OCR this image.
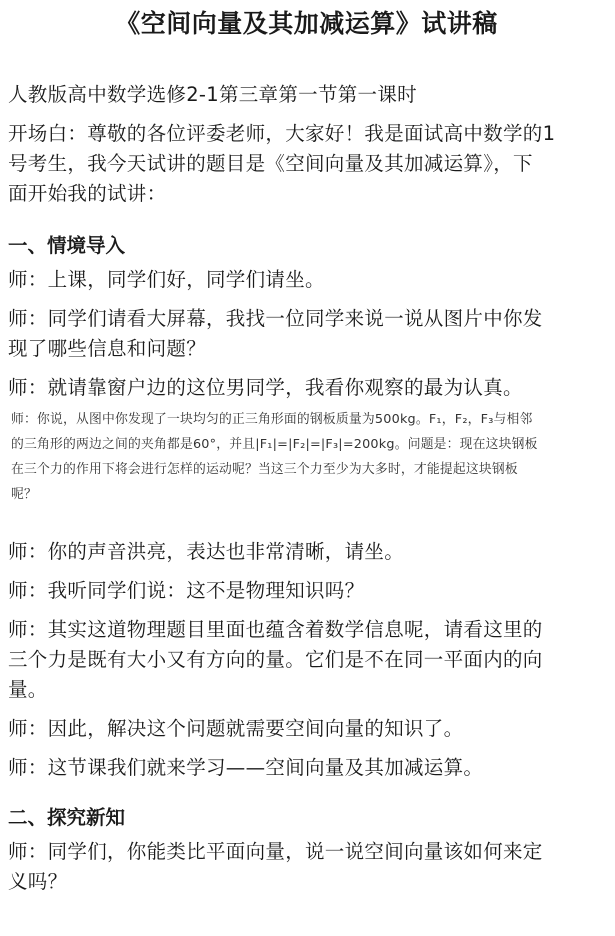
《空间向量及其加减运算》试讲稿

人教版高中数学选修2-1第三章第一节第一课时

开场白：尊敬的各位评委老师，大家好！我是面试高中数学的1

号考生，我今天试讲的题目是《空间向量及其加减运算》，下

面开始我的试讲：

一、情境导入

师：上课，同学们好，同学们请坐。

师：同学们请看大屏幕，我找一位同学来说一说从图片中你发

现了哪些信息和问题？

师：就请靠窗户边的这位男同学，我看你观察的最为认真。

师：你说，从图中你发现了一块均匀的正三角形面的钢板质量为500kg。F₁，F₂，F₃与相邻

的三角形的两边之间的夹角都是60°，并且|F₁|=|F₂|=|F₃|=200kg。问题是：现在这块钢板

在三个力的作用下将会进行怎样的运动呢？当这三个力至少为大多时，才能提起这块钢板

呢？

师：你的声音洪亮，表达也非常清晰，请坐。

师：我听同学们说：这不是物理知识吗？

师：其实这道物理题目里面也蕴含着数学信息呢，请看这里的

三个力是既有大小又有方向的量。它们是不在同一平面内的向

量。

师：因此，解决这个问题就需要空间向量的知识了。

师：这节课我们就来学习——空间向量及其加减运算。

二、探究新知

师：同学们，你能类比平面向量，说一说空间向量该如何来定

义吗？
